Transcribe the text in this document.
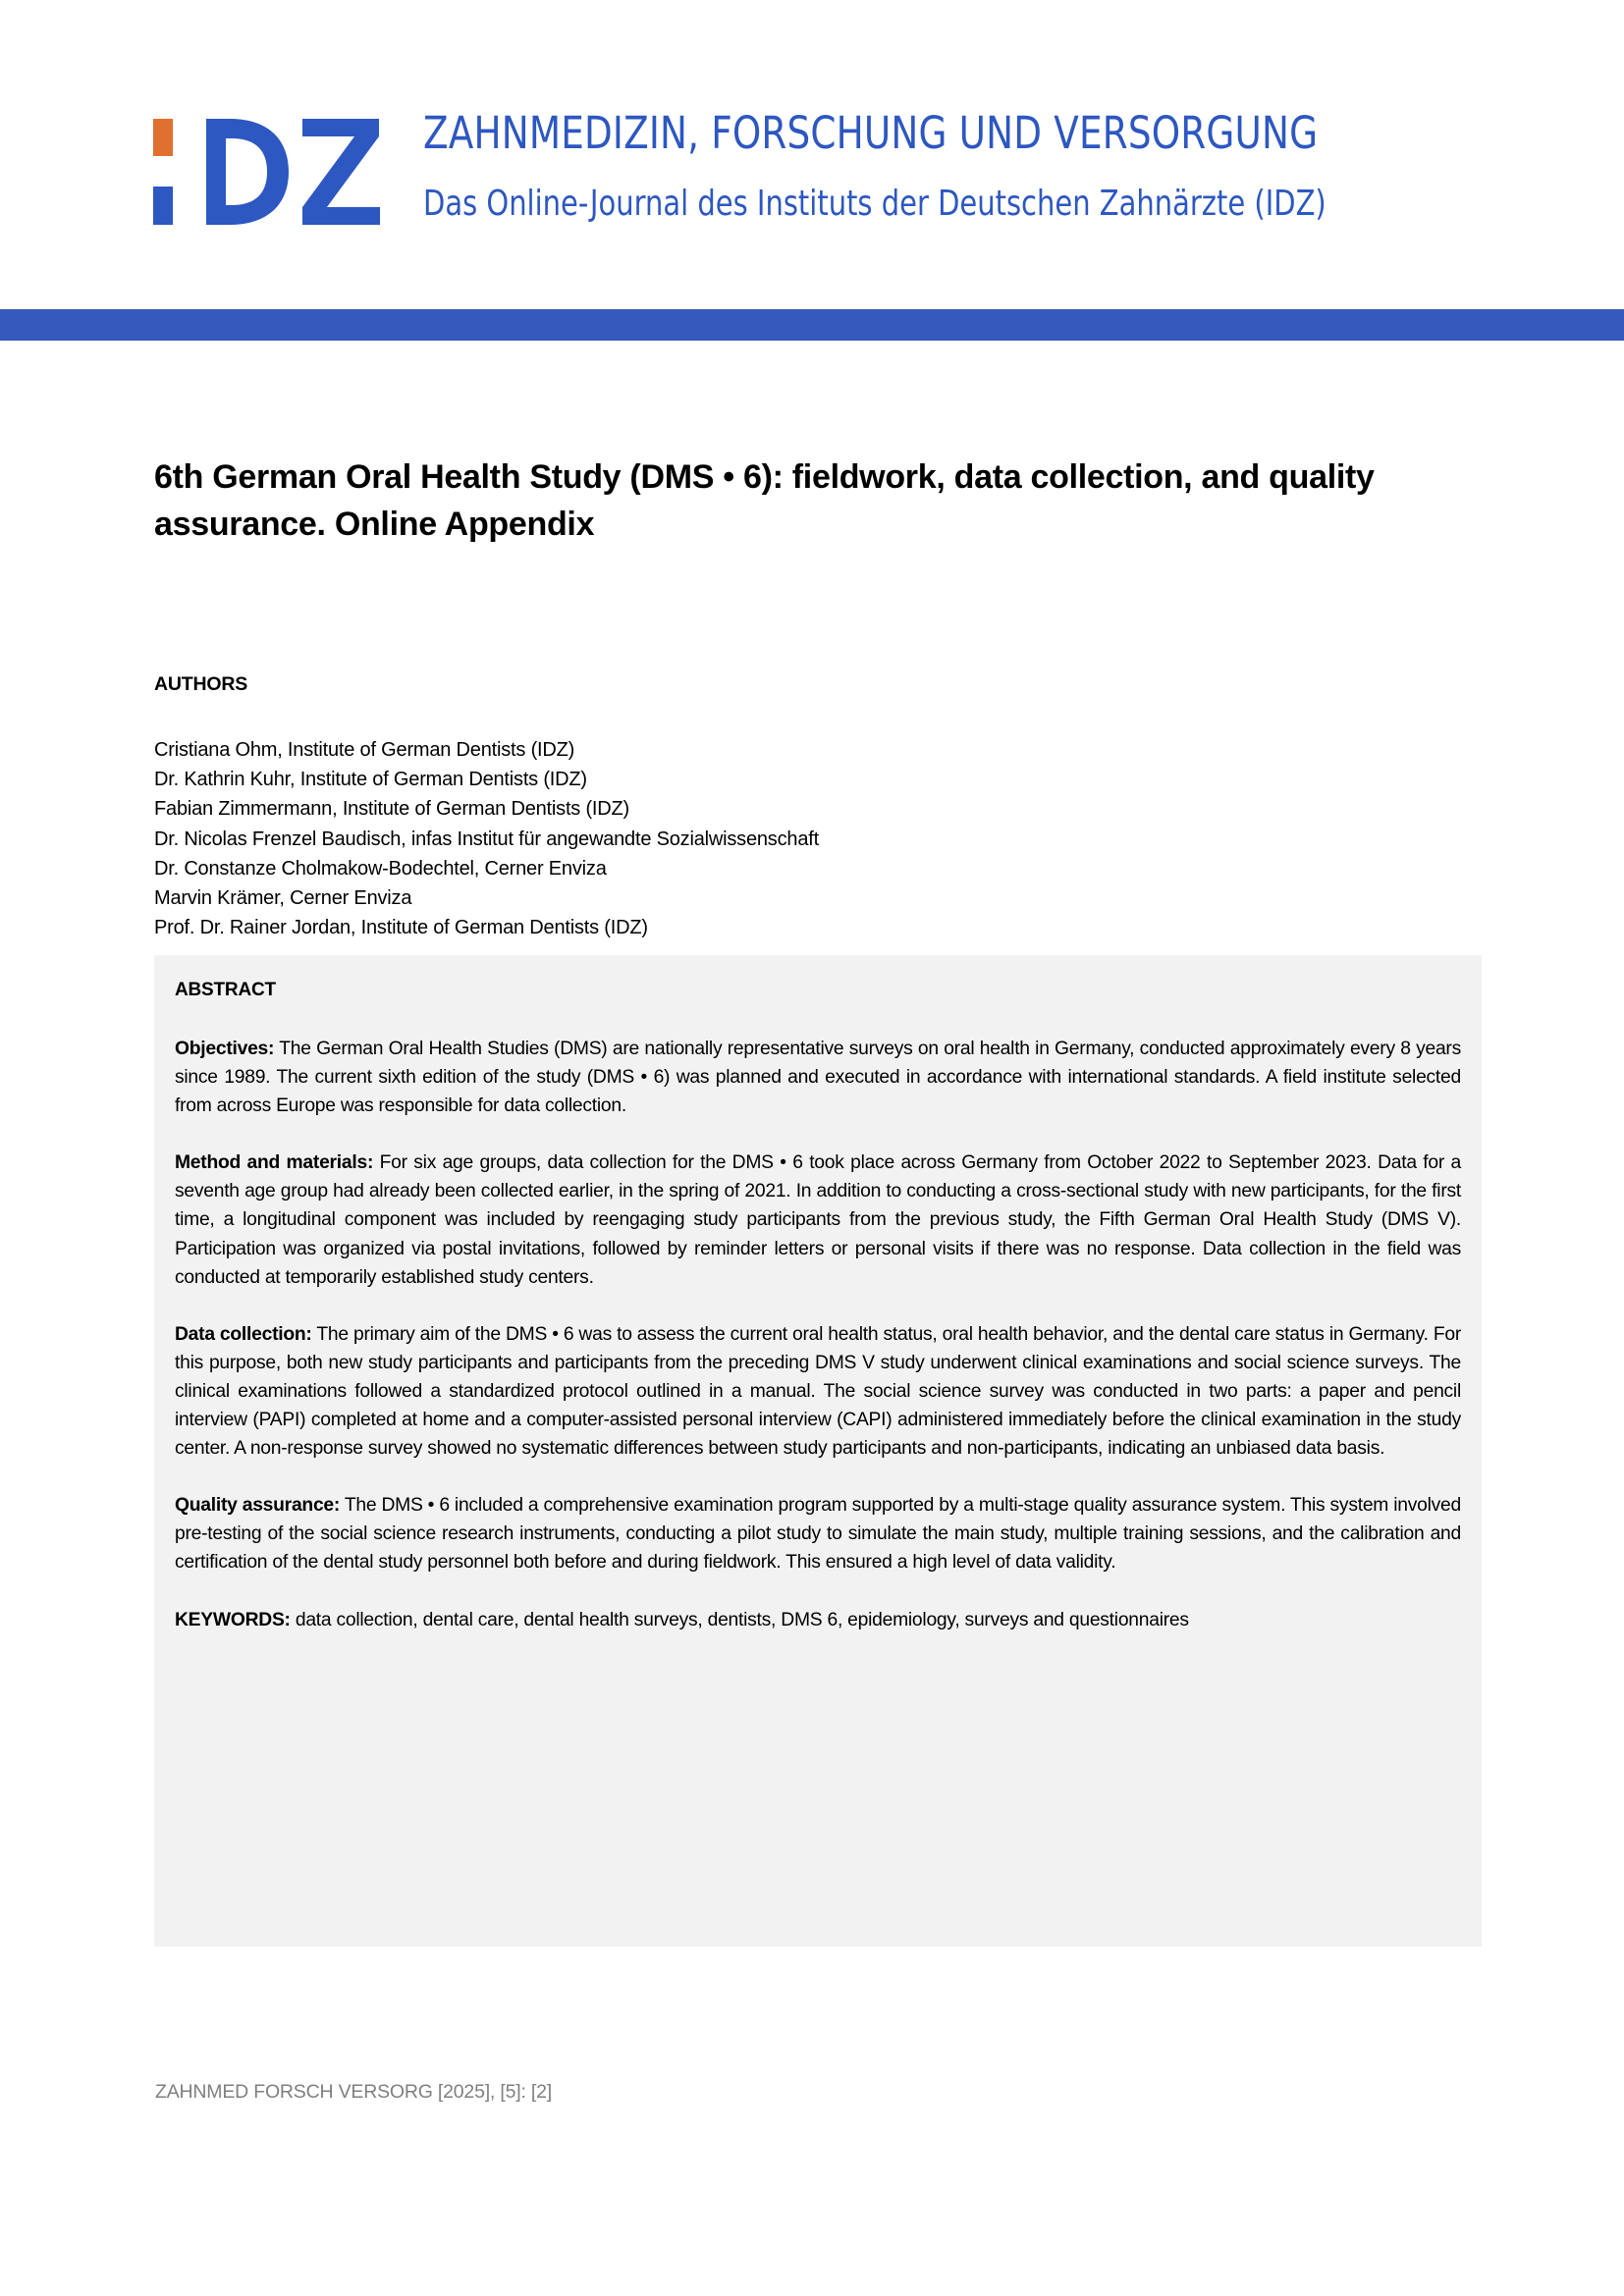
ZAHNMEDIZIN, FORSCHUNG UND VERSORGUNG
Das Online-Journal des Instituts der Deutschen Zahnärzte (IDZ)
6th German Oral Health Study (DMS • 6): fieldwork, data collection, and quality assurance. Online Appendix
AUTHORS
Cristiana Ohm, Institute of German Dentists (IDZ)
Dr. Kathrin Kuhr, Institute of German Dentists (IDZ)
Fabian Zimmermann, Institute of German Dentists (IDZ)
Dr. Nicolas Frenzel Baudisch, infas Institut für angewandte Sozialwissenschaft
Dr. Constanze Cholmakow-Bodechtel, Cerner Enviza
Marvin Krämer, Cerner Enviza
Prof. Dr. Rainer Jordan, Institute of German Dentists (IDZ)
ABSTRACT

Objectives: The German Oral Health Studies (DMS) are nationally representative surveys on oral health in Germany, conducted approximately every 8 years since 1989. The current sixth edition of the study (DMS • 6) was planned and executed in accordance with international standards. A field institute selected from across Europe was responsible for data collection.

Method and materials: For six age groups, data collection for the DMS • 6 took place across Germany from October 2022 to September 2023. Data for a seventh age group had already been collected earlier, in the spring of 2021. In addition to conducting a cross-sectional study with new participants, for the first time, a longitudinal component was included by reengaging study participants from the previous study, the Fifth German Oral Health Study (DMS V). Participation was organized via postal invitations, followed by reminder letters or personal visits if there was no response. Data collection in the field was conducted at temporarily established study centers.

Data collection: The primary aim of the DMS • 6 was to assess the current oral health status, oral health behavior, and the dental care status in Germany. For this purpose, both new study participants and participants from the preceding DMS V study underwent clinical examinations and social science surveys. The clinical examinations followed a standardized protocol outlined in a manual. The social science survey was conducted in two parts: a paper and pencil interview (PAPI) completed at home and a computer-assisted personal interview (CAPI) administered immediately before the clinical examination in the study center. A non-response survey showed no systematic differences between study participants and non-participants, indicating an unbiased data basis.

Quality assurance: The DMS • 6 included a comprehensive examination program supported by a multi-stage quality assurance system. This system involved pre-testing of the social science research instruments, conducting a pilot study to simulate the main study, multiple training sessions, and the calibration and certification of the dental study personnel both before and during fieldwork. This ensured a high level of data validity.

KEYWORDS: data collection, dental care, dental health surveys, dentists, DMS 6, epidemiology, surveys and questionnaires

ZAHNMED FORSCH VERSORG [2025], [5]: [2]
